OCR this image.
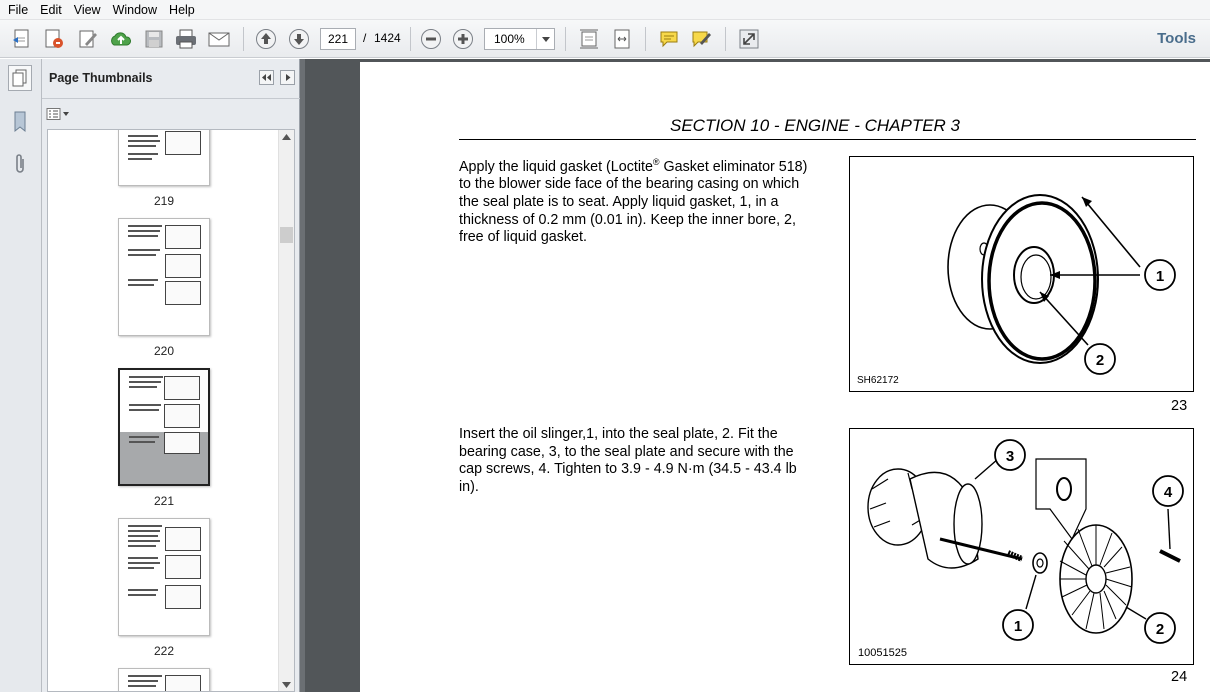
File Edit View Window Help
221
/ 1424	100%	Tools
Page Thumbnails
219
220
221
222
SECTION 10 - ENGINE - CHAPTER 3
Apply the liquid gasket (Loctite® Gasket eliminator 518) to the blower side face of the bearing casing on which the seal plate is to seat. Apply liquid gasket, 1, in a thickness of 0.2 mm (0.01 in). Keep the inner bore, 2, free of liquid gasket.
1
2
SH62172
23
Insert the oil slinger,1, into the seal plate, 2. Fit the bearing case, 3, to the seal plate and secure with the cap screws, 4. Tighten to 3.9 - 4.9 N·m (34.5 - 43.4 lb in).
3
4
1	2
10051525
24
